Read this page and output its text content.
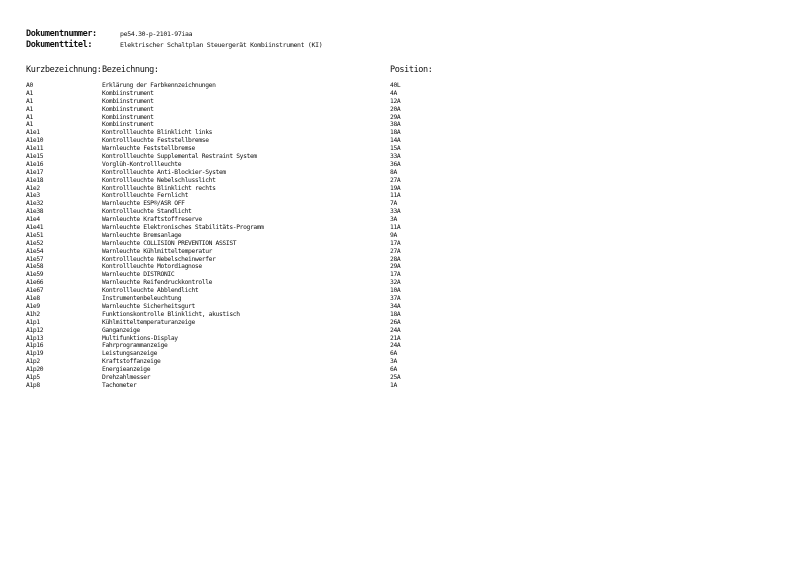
Dokumentnummer:	pe54.30-p-2101-97iaa
Dokumenttitel:	Elektrischer Schaltplan Steuergerät Kombiinstrument (KI)
Kurzbezeichnung: Bezeichnung:	Position:
A0	Erklärung der Farbkennzeichnungen	40L
A1	Kombiinstrument	4A
A1	Kombiinstrument	12A
A1	Kombiinstrument	20A
A1	Kombiinstrument	29A
A1	Kombiinstrument	38A
A1e1	Kontrollleuchte Blinklicht links	18A
A1e10	Kontrollleuchte Feststellbremse	14A
A1e11	Warnleuchte Feststellbremse	15A
A1e15	Kontrollleuchte Supplemental Restraint System	33A
A1e16	Vorglüh-Kontrollleuchte	36A
A1e17	Kontrollleuchte Anti-Blockier-System	8A
A1e18	Kontrollleuchte Nebelschlusslicht	27A
A1e2	Kontrollleuchte Blinklicht rechts	19A
A1e3	Kontrollleuchte Fernlicht	11A
A1e32	Warnleuchte ESP®/ASR OFF	7A
A1e38	Kontrollleuchte Standlicht	33A
A1e4	Warnleuchte Kraftstoffreserve	3A
A1e41	Warnleuchte Elektronisches Stabilitäts-Programm	11A
A1e51	Warnleuchte Bremsanlage	9A
A1e52	Warnleuchte COLLISION PREVENTION ASSIST	17A
A1e54	Warnleuchte Kühlmitteltemperatur	27A
A1e57	Kontrollleuchte Nebelscheinwerfer	28A
A1e58	Kontrollleuchte Motordiagnose	29A
A1e59	Warnleuchte DISTRONIC	17A
A1e66	Warnleuchte Reifendruckkontrolle	32A
A1e67	Kontrollleuchte Abblendlicht	10A
A1e8	Instrumentenbeleuchtung	37A
A1e9	Warnleuchte Sicherheitsgurt	34A
A1h2	Funktionskontrolle Blinklicht, akustisch	18A
A1p1	Kühlmitteltemperaturanzeige	26A
A1p12	Ganganzeige	24A
A1p13	Multifunktions-Display	21A
A1p16	Fahrprogrammanzeige	24A
A1p19	Leistungsanzeige	6A
A1p2	Kraftstoffanzeige	3A
A1p20	Energieanzeige	6A
A1p5	Drehzahlmesser	25A
A1p8	Tachometer	1A
